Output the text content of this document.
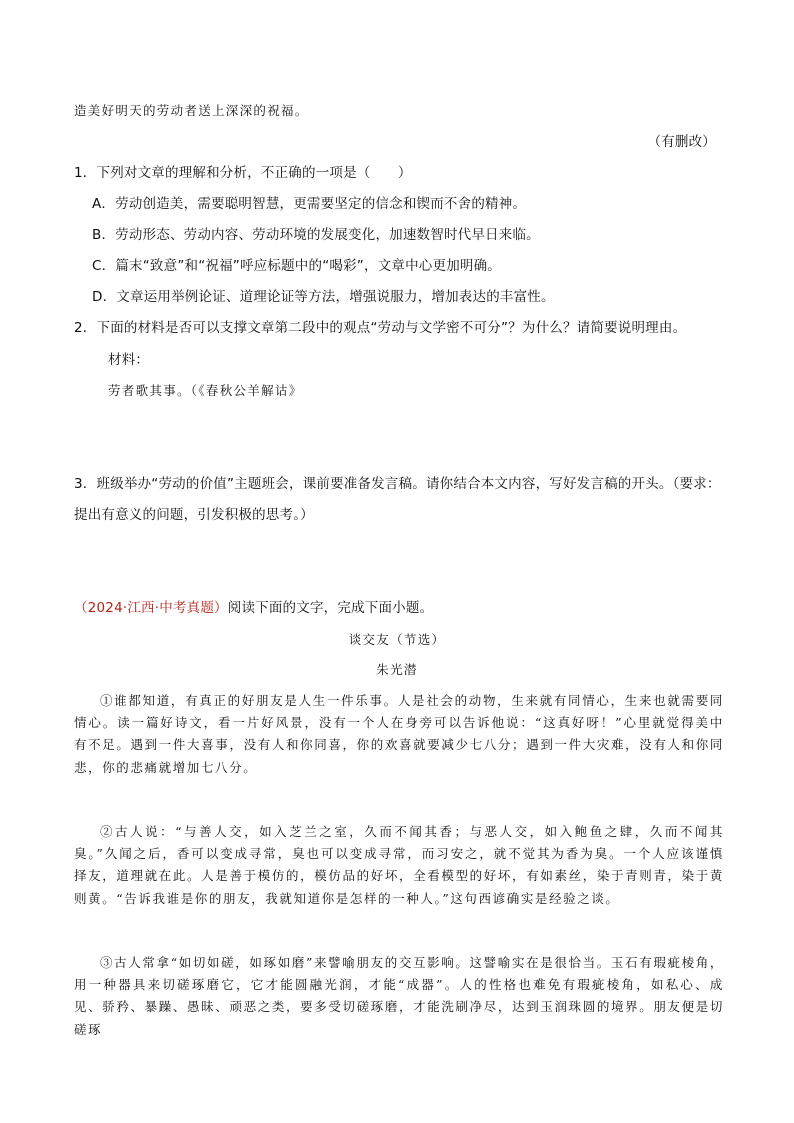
造美好明天的劳动者送上深深的祝福。
（有删改）
1．下列对文章的理解和分析，不正确的一项是（　　）
A．劳动创造美，需要聪明智慧，更需要坚定的信念和锲而不舍的精神。
B．劳动形态、劳动内容、劳动环境的发展变化，加速数智时代早日来临。
C．篇末“致意”和“祝福”呼应标题中的“喝彩”，文章中心更加明确。
D．文章运用举例论证、道理论证等方法，增强说服力，增加表达的丰富性。
2．下面的材料是否可以支撑文章第二段中的观点“劳动与文学密不可分”？为什么？请简要说明理由。
材料：
劳者歌其事。（《春秋公羊解诂》
3．班级举办“劳动的价值”主题班会，课前要准备发言稿。请你结合本文内容，写好发言稿的开头。（要求：
提出有意义的问题，引发积极的思考。）
（2024·江西·中考真题）阅读下面的文字，完成下面小题。
谈交友（节选）
朱光潜
①谁都知道，有真正的好朋友是人生一件乐事。人是社会的动物，生来就有同情心，生来也就需要同情心。读一篇好诗文，看一片好风景，没有一个人在身旁可以告诉他说：“这真好呀！”心里就觉得美中有不足。遇到一件大喜事，没有人和你同喜，你的欢喜就要减少七八分；遇到一件大灾难，没有人和你同悲，你的悲痛就增加七八分。
②古人说：“与善人交，如入芝兰之室，久而不闻其香；与恶人交，如入鲍鱼之肆，久而不闻其臭。”久闻之后，香可以变成寻常，臭也可以变成寻常，而习安之，就不觉其为香为臭。一个人应该谨慎择友，道理就在此。人是善于模仿的，模仿品的好坏，全看模型的好坏，有如素丝，染于青则青，染于黄则黄。“告诉我谁是你的朋友，我就知道你是怎样的一种人。”这句西谚确实是经验之谈。
③古人常拿“如切如磋，如琢如磨”来譬喻朋友的交互影响。这譬喻实在是很恰当。玉石有瑕疵棱角，用一种器具来切磋琢磨它，它才能圆融光润，才能“成器”。人的性格也难免有瑕疵棱角，如私心、成见、骄矜、暴躁、愚昧、顽恶之类，要多受切磋琢磨，才能洗刷净尽，达到玉润珠圆的境界。朋友便是切磋琢
